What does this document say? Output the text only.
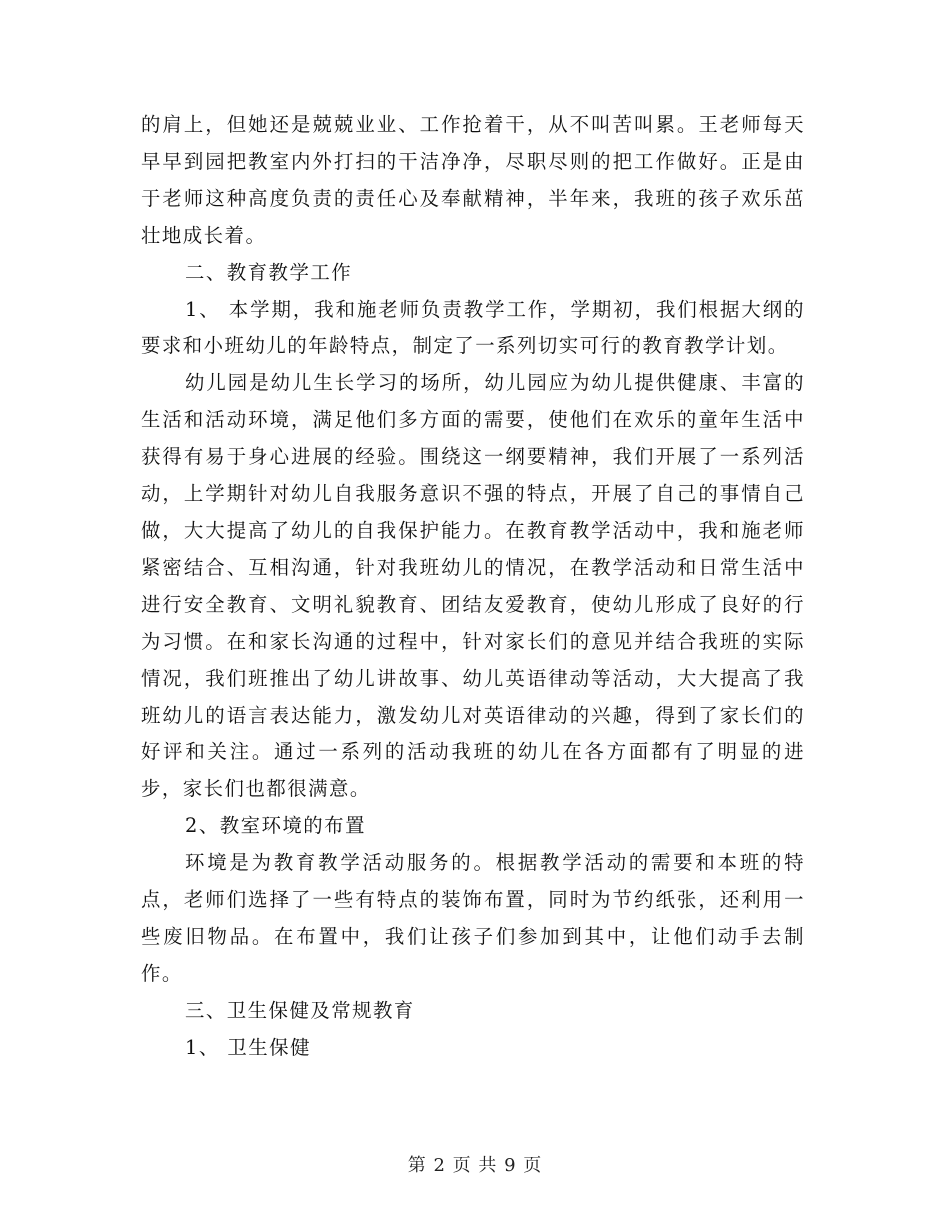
的肩上，但她还是兢兢业业、工作抢着干，从不叫苦叫累。王老师每天早早到园把教室内外打扫的干洁净净，尽职尽则的把工作做好。正是由于老师这种高度负责的责任心及奉献精神，半年来，我班的孩子欢乐茁壮地成长着。

二、教育教学工作

1、 本学期，我和施老师负责教学工作，学期初，我们根据大纲的要求和小班幼儿的年龄特点，制定了一系列切实可行的教育教学计划。

幼儿园是幼儿生长学习的场所，幼儿园应为幼儿提供健康、丰富的生活和活动环境，满足他们多方面的需要，使他们在欢乐的童年生活中获得有易于身心进展的经验。围绕这一纲要精神，我们开展了一系列活动，上学期针对幼儿自我服务意识不强的特点，开展了自己的事情自己做，大大提高了幼儿的自我保护能力。在教育教学活动中，我和施老师紧密结合、互相沟通，针对我班幼儿的情况，在教学活动和日常生活中进行安全教育、文明礼貌教育、团结友爱教育，使幼儿形成了良好的行为习惯。在和家长沟通的过程中，针对家长们的意见并结合我班的实际情况，我们班推出了幼儿讲故事、幼儿英语律动等活动，大大提高了我班幼儿的语言表达能力，激发幼儿对英语律动的兴趣，得到了家长们的好评和关注。通过一系列的活动我班的幼儿在各方面都有了明显的进步，家长们也都很满意。

2、教室环境的布置

环境是为教育教学活动服务的。根据教学活动的需要和本班的特点，老师们选择了一些有特点的装饰布置，同时为节约纸张，还利用一些废旧物品。在布置中，我们让孩子们参加到其中，让他们动手去制作。

三、卫生保健及常规教育

1、 卫生保健

第 2 页 共 9 页
